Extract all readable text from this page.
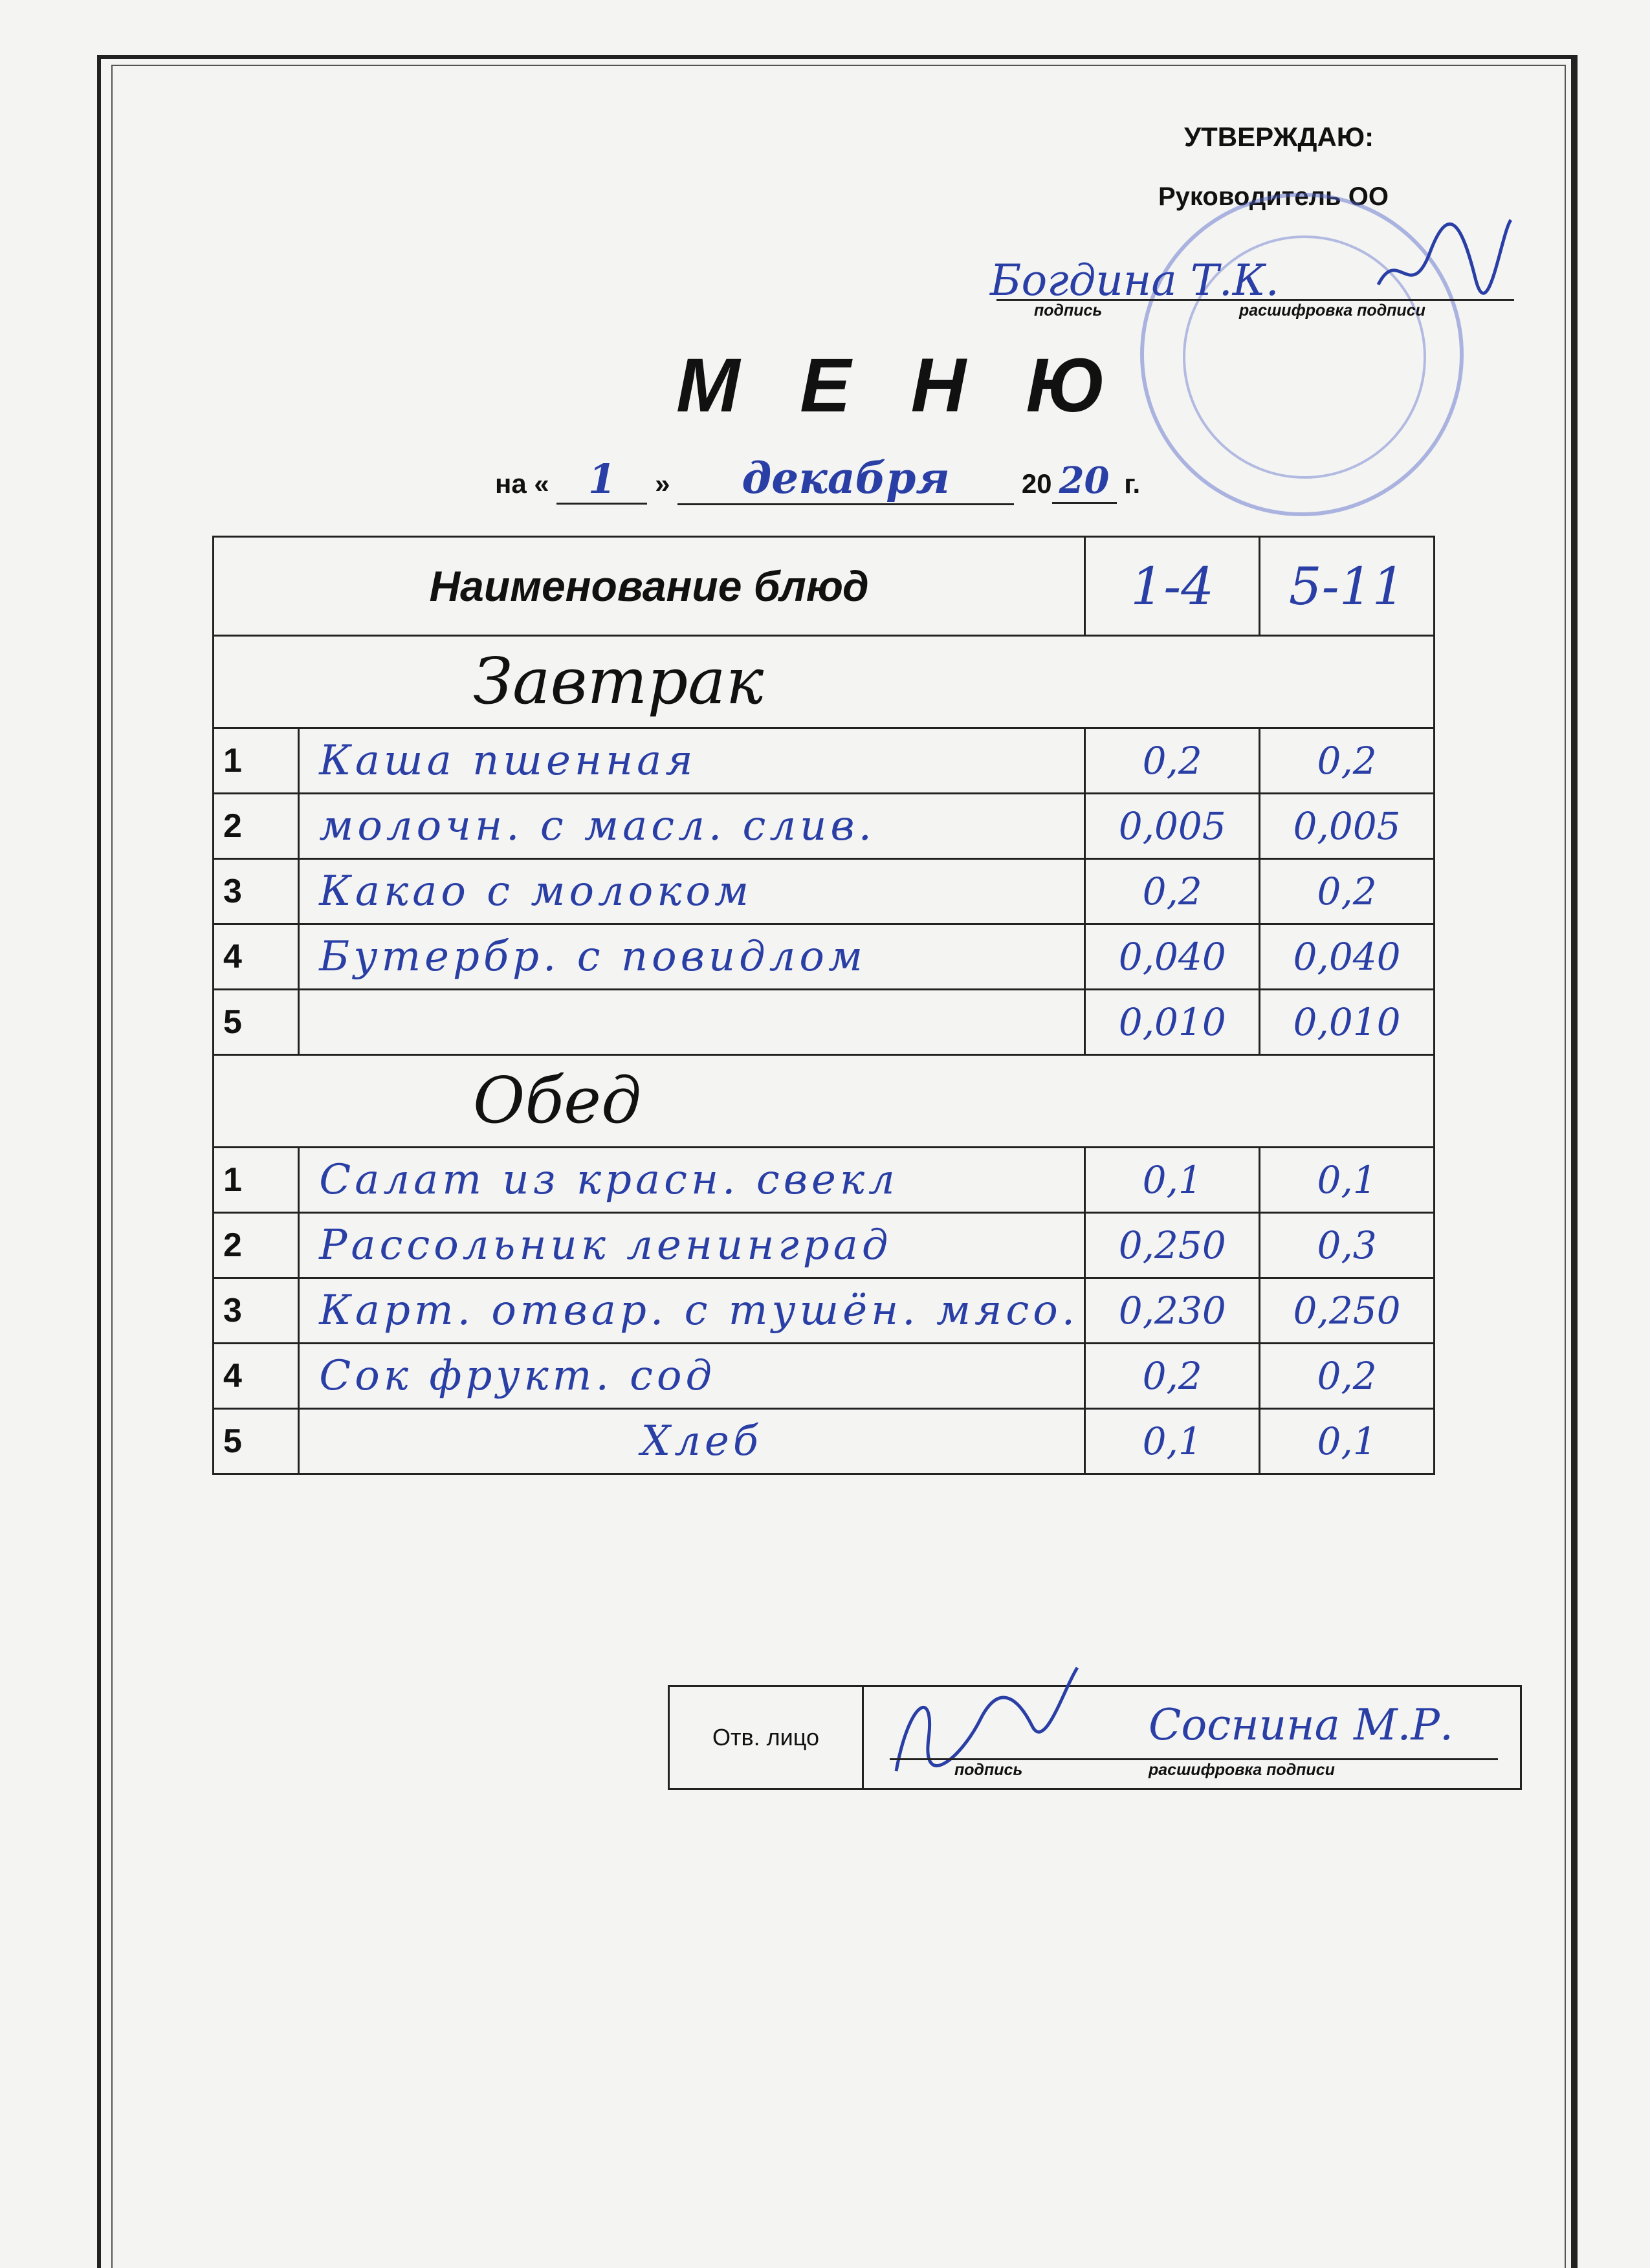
УТВЕРЖДАЮ:
Руководитель ОО
Богдина Т.К.
подпись	расшифровка подписи
М Е Н Ю
на « 1 » декабря	20 20 г.
Наименование блюд		1-4	5-11
Завтрак			
1	Каша пшенная	0,2	0,2
2	молочн. с масл. слив.	0,005	0,005
3	Какао с молоком	0,2	0,2
4	Бутербр. с повидлом	0,040	0,040
5		0,010	0,010
Обед			
1	Салат из красн. свекл	0,1	0,1
2	Рассольник ленинград	0,250	0,3
3	Карт. отвар. с тушён. мясо.	0,230	0,250
4	Сок фрукт. сод	0,2	0,2
5	Хлеб	0,1	0,1
Отв. лицо	Соснина М.Р.
подпись	расшифровка подписи
